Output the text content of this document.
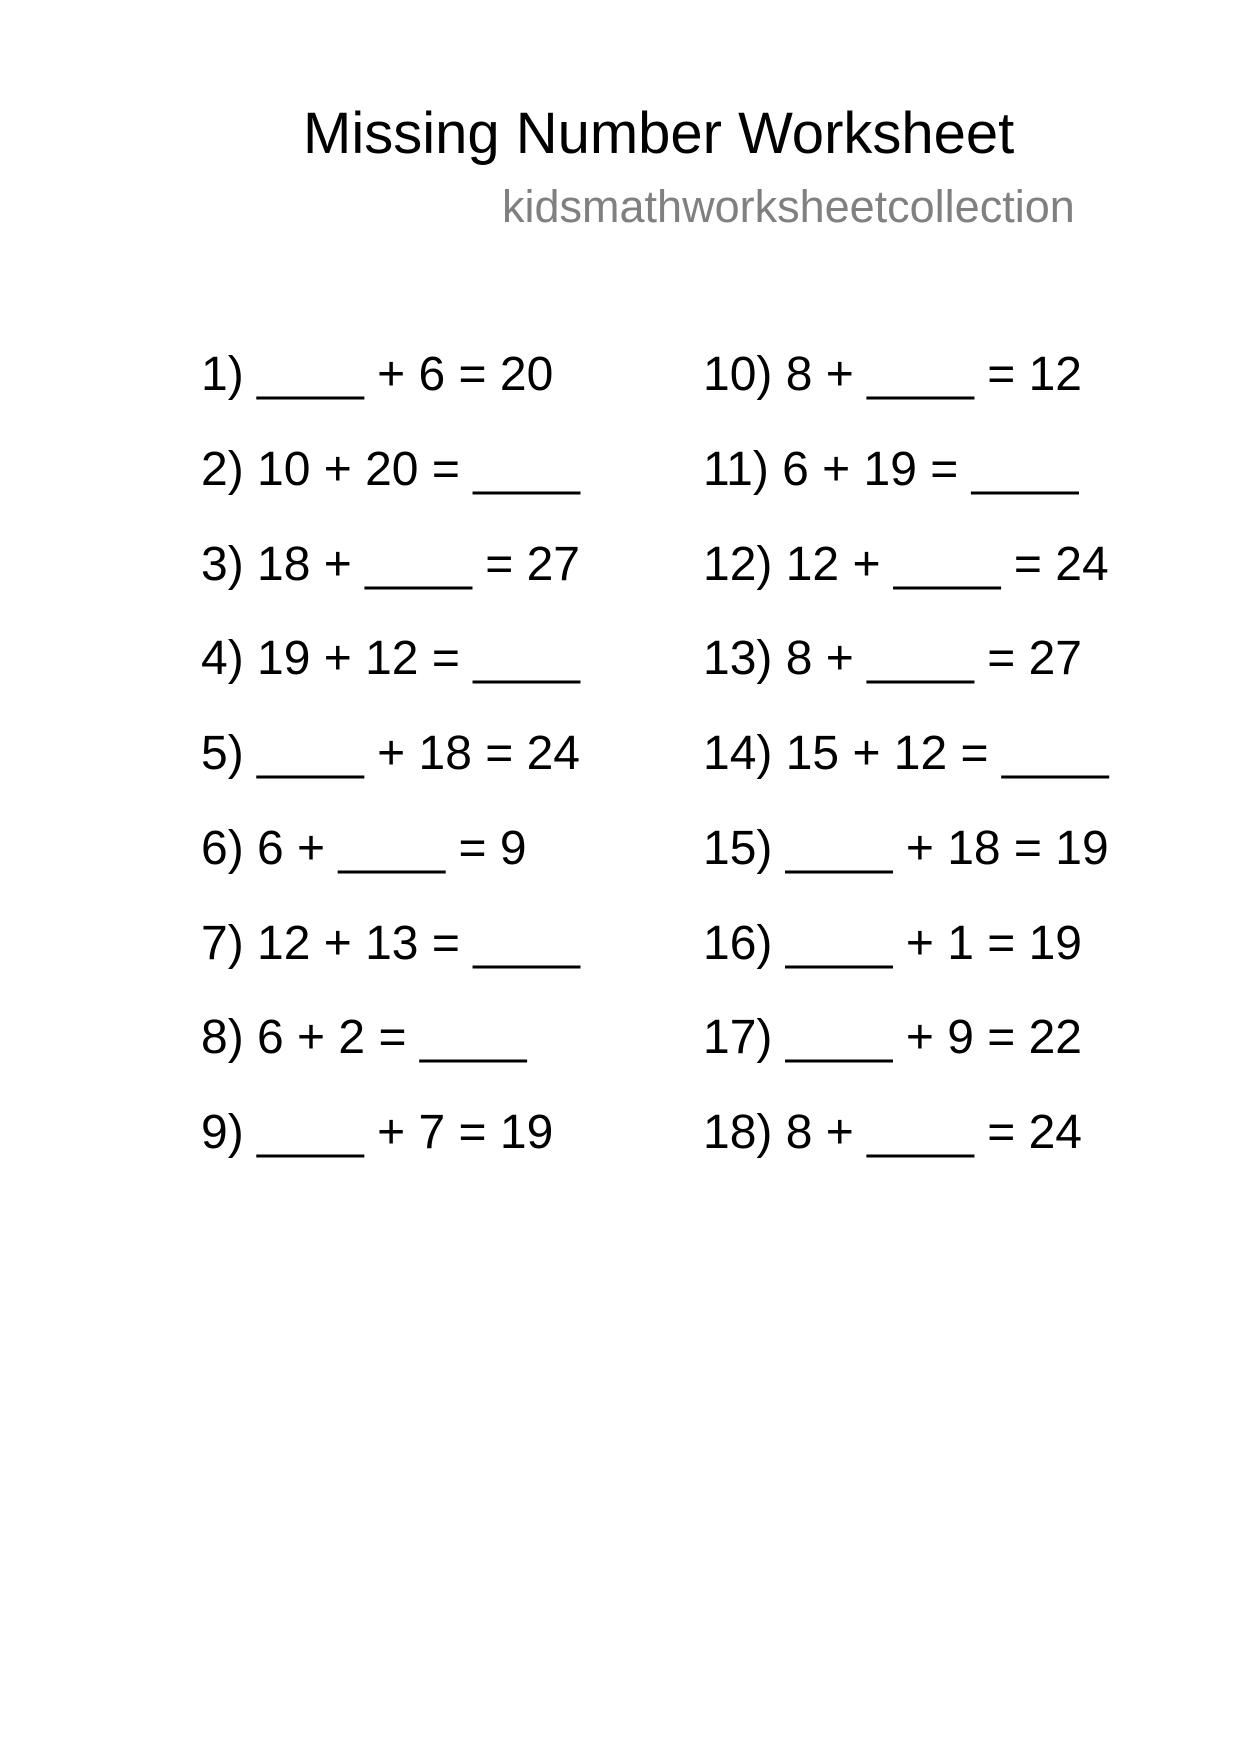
Missing Number Worksheet
kidsmathworksheetcollection
1) ____ + 6 = 20
2) 10 + 20 = ____
3) 18 + ____ = 27
4) 19 + 12 = ____
5) ____ + 18 = 24
6) 6 + ____ = 9
7) 12 + 13 = ____
8) 6 + 2 = ____
9) ____ + 7 = 19
10) 8 + ____ = 12
11) 6 + 19 = ____
12) 12 + ____ = 24
13) 8 + ____ = 27
14) 15 + 12 = ____
15) ____ + 18 = 19
16) ____ + 1 = 19
17) ____ + 9 = 22
18) 8 + ____ = 24
